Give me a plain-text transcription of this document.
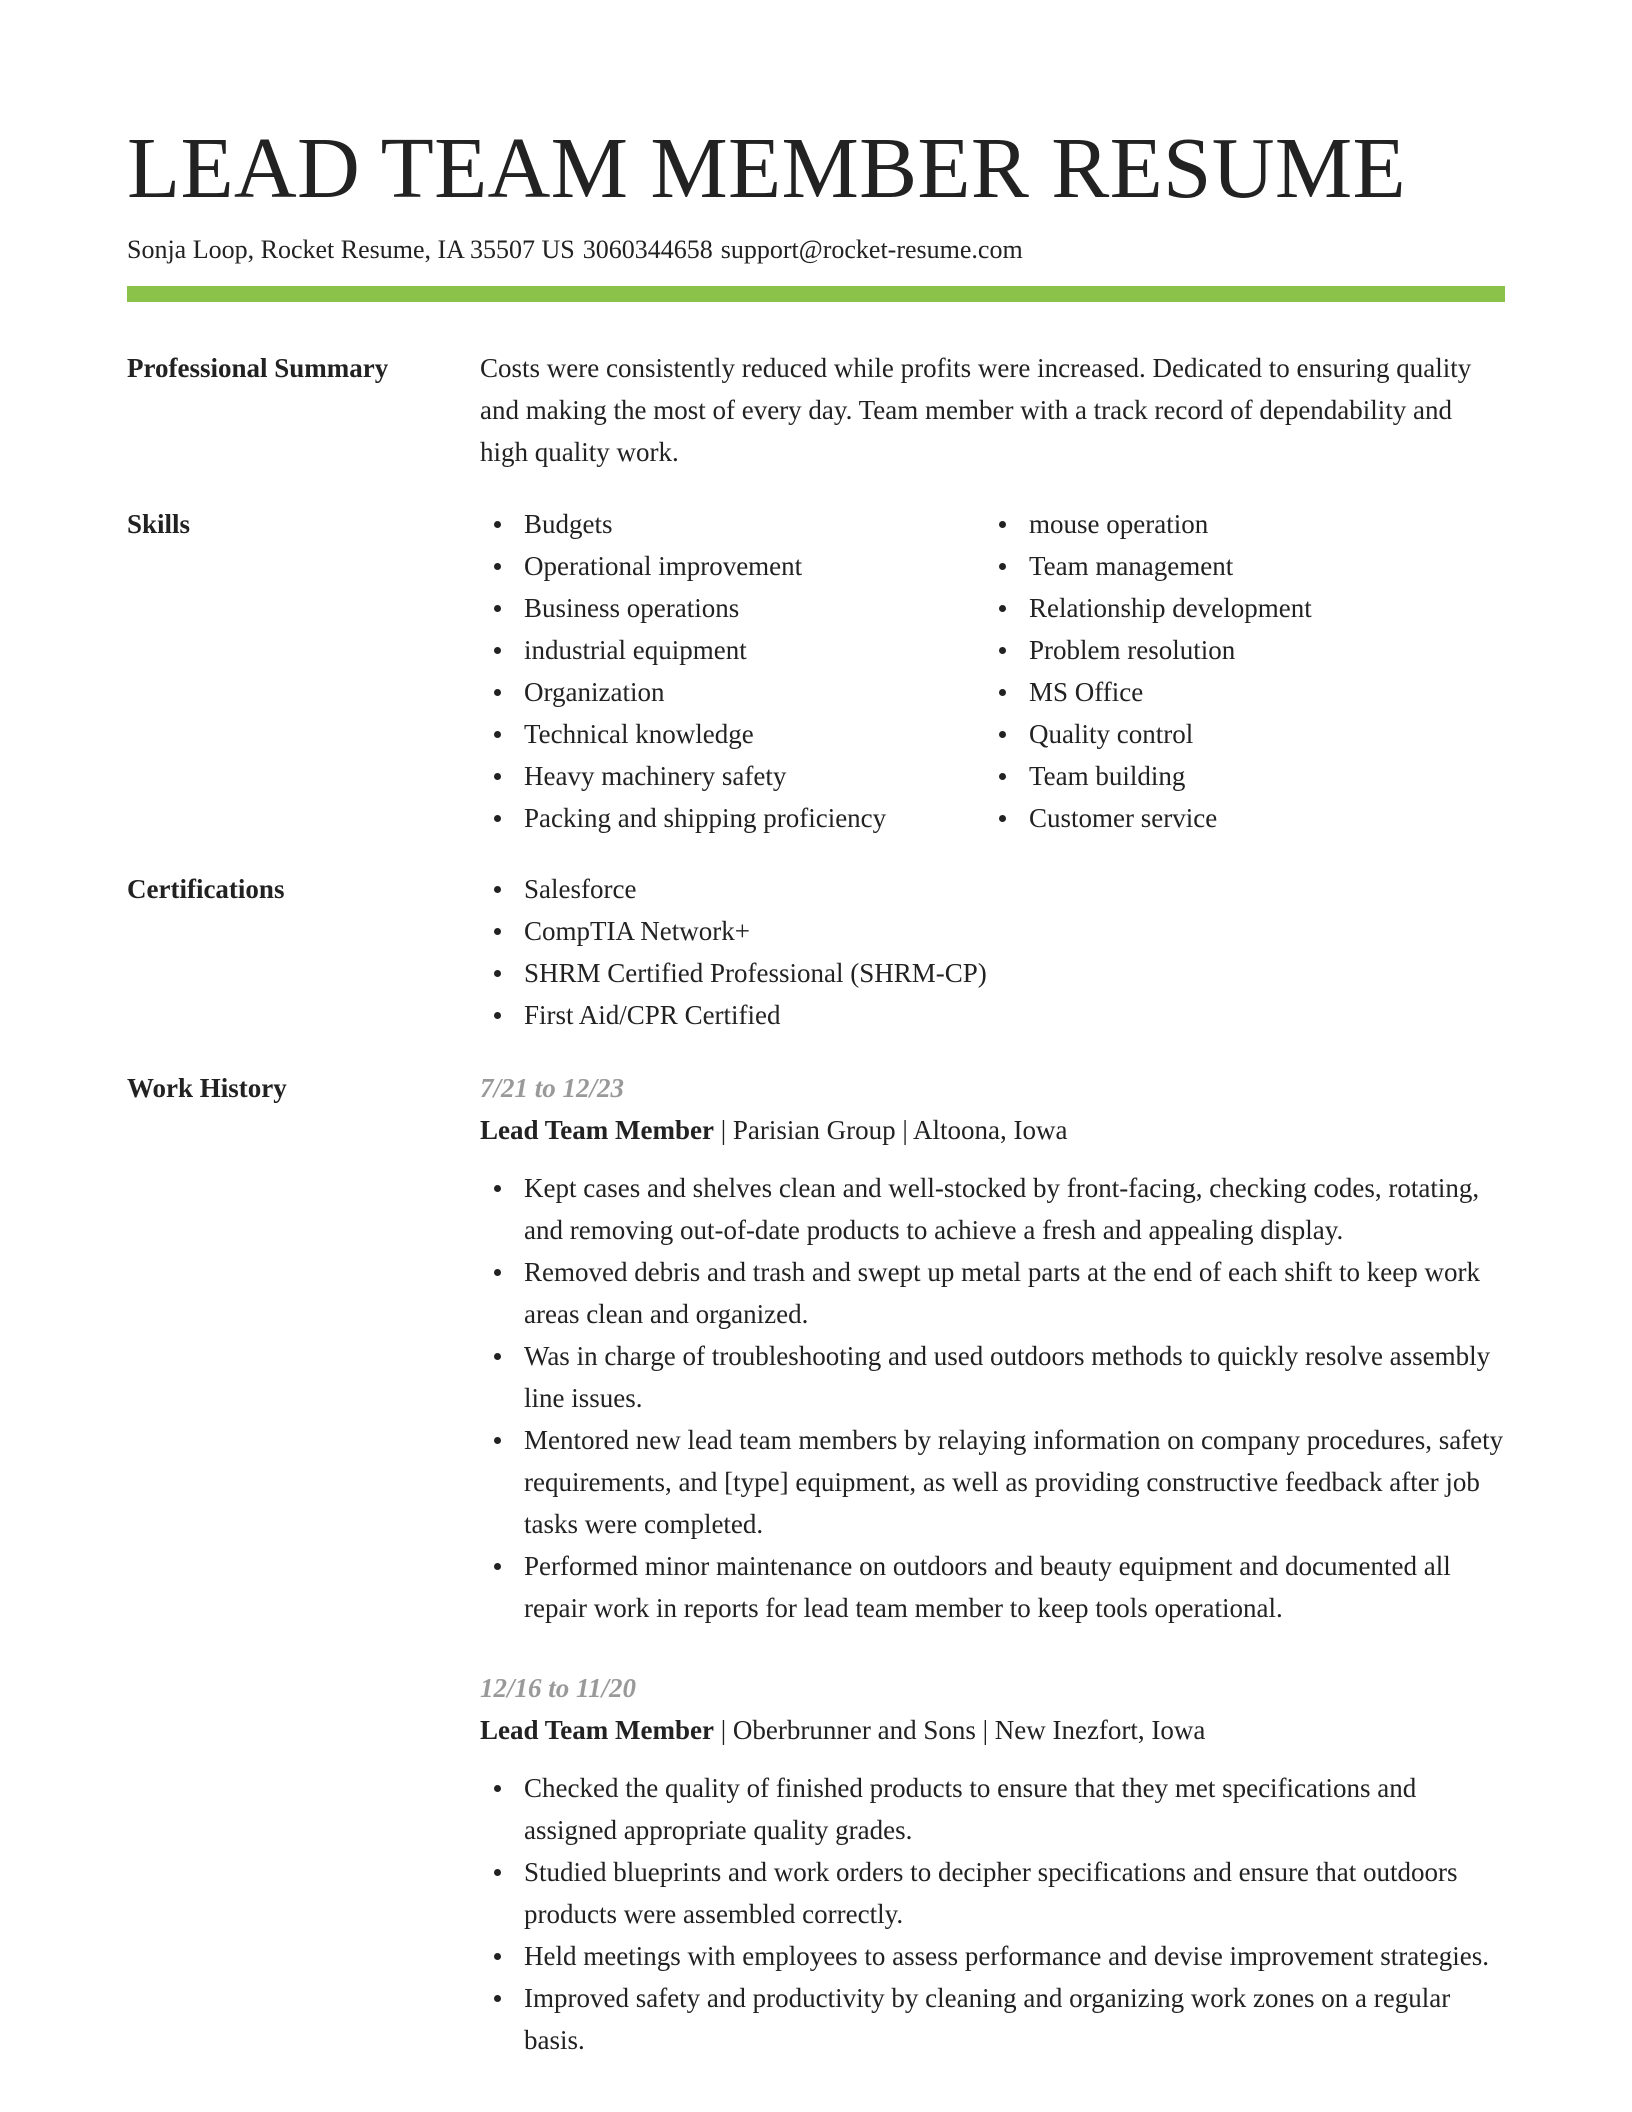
LEAD TEAM MEMBER RESUME
Sonja Loop, Rocket Resume, IA 35507 US 3060344658 support@rocket-resume.com
Professional Summary	Costs were consistently reduced while profits were increased. Dedicated to ensuring quality and making the most of every day. Team member with a track record of dependability and high quality work.

Skills	Budgets
Operational improvement
Business operations
industrial equipment
Organization
Technical knowledge
Heavy machinery safety
Packing and shipping proficiency
mouse operation
Team management
Relationship development
Problem resolution
MS Office
Quality control
Team building
Customer service
Certifications	Salesforce
CompTIA Network+
SHRM Certified Professional (SHRM-CP)
First Aid/CPR Certified
Work History	7/21 to 12/23
Lead Team Member | Parisian Group | Altoona, Iowa
Kept cases and shelves clean and well-stocked by front-facing, checking codes, rotating, and removing out-of-date products to achieve a fresh and appealing display.
Removed debris and trash and swept up metal parts at the end of each shift to keep work areas clean and organized.
Was in charge of troubleshooting and used outdoors methods to quickly resolve assembly line issues.
Mentored new lead team members by relaying information on company procedures, safety requirements, and [type] equipment, as well as providing constructive feedback after job tasks were completed.
Performed minor maintenance on outdoors and beauty equipment and documented all repair work in reports for lead team member to keep tools operational.
12/16 to 11/20
Lead Team Member | Oberbrunner and Sons | New Inezfort, Iowa
Checked the quality of finished products to ensure that they met specifications and assigned appropriate quality grades.
Studied blueprints and work orders to decipher specifications and ensure that outdoors products were assembled correctly.
Held meetings with employees to assess performance and devise improvement strategies.
Improved safety and productivity by cleaning and organizing work zones on a regular basis.
